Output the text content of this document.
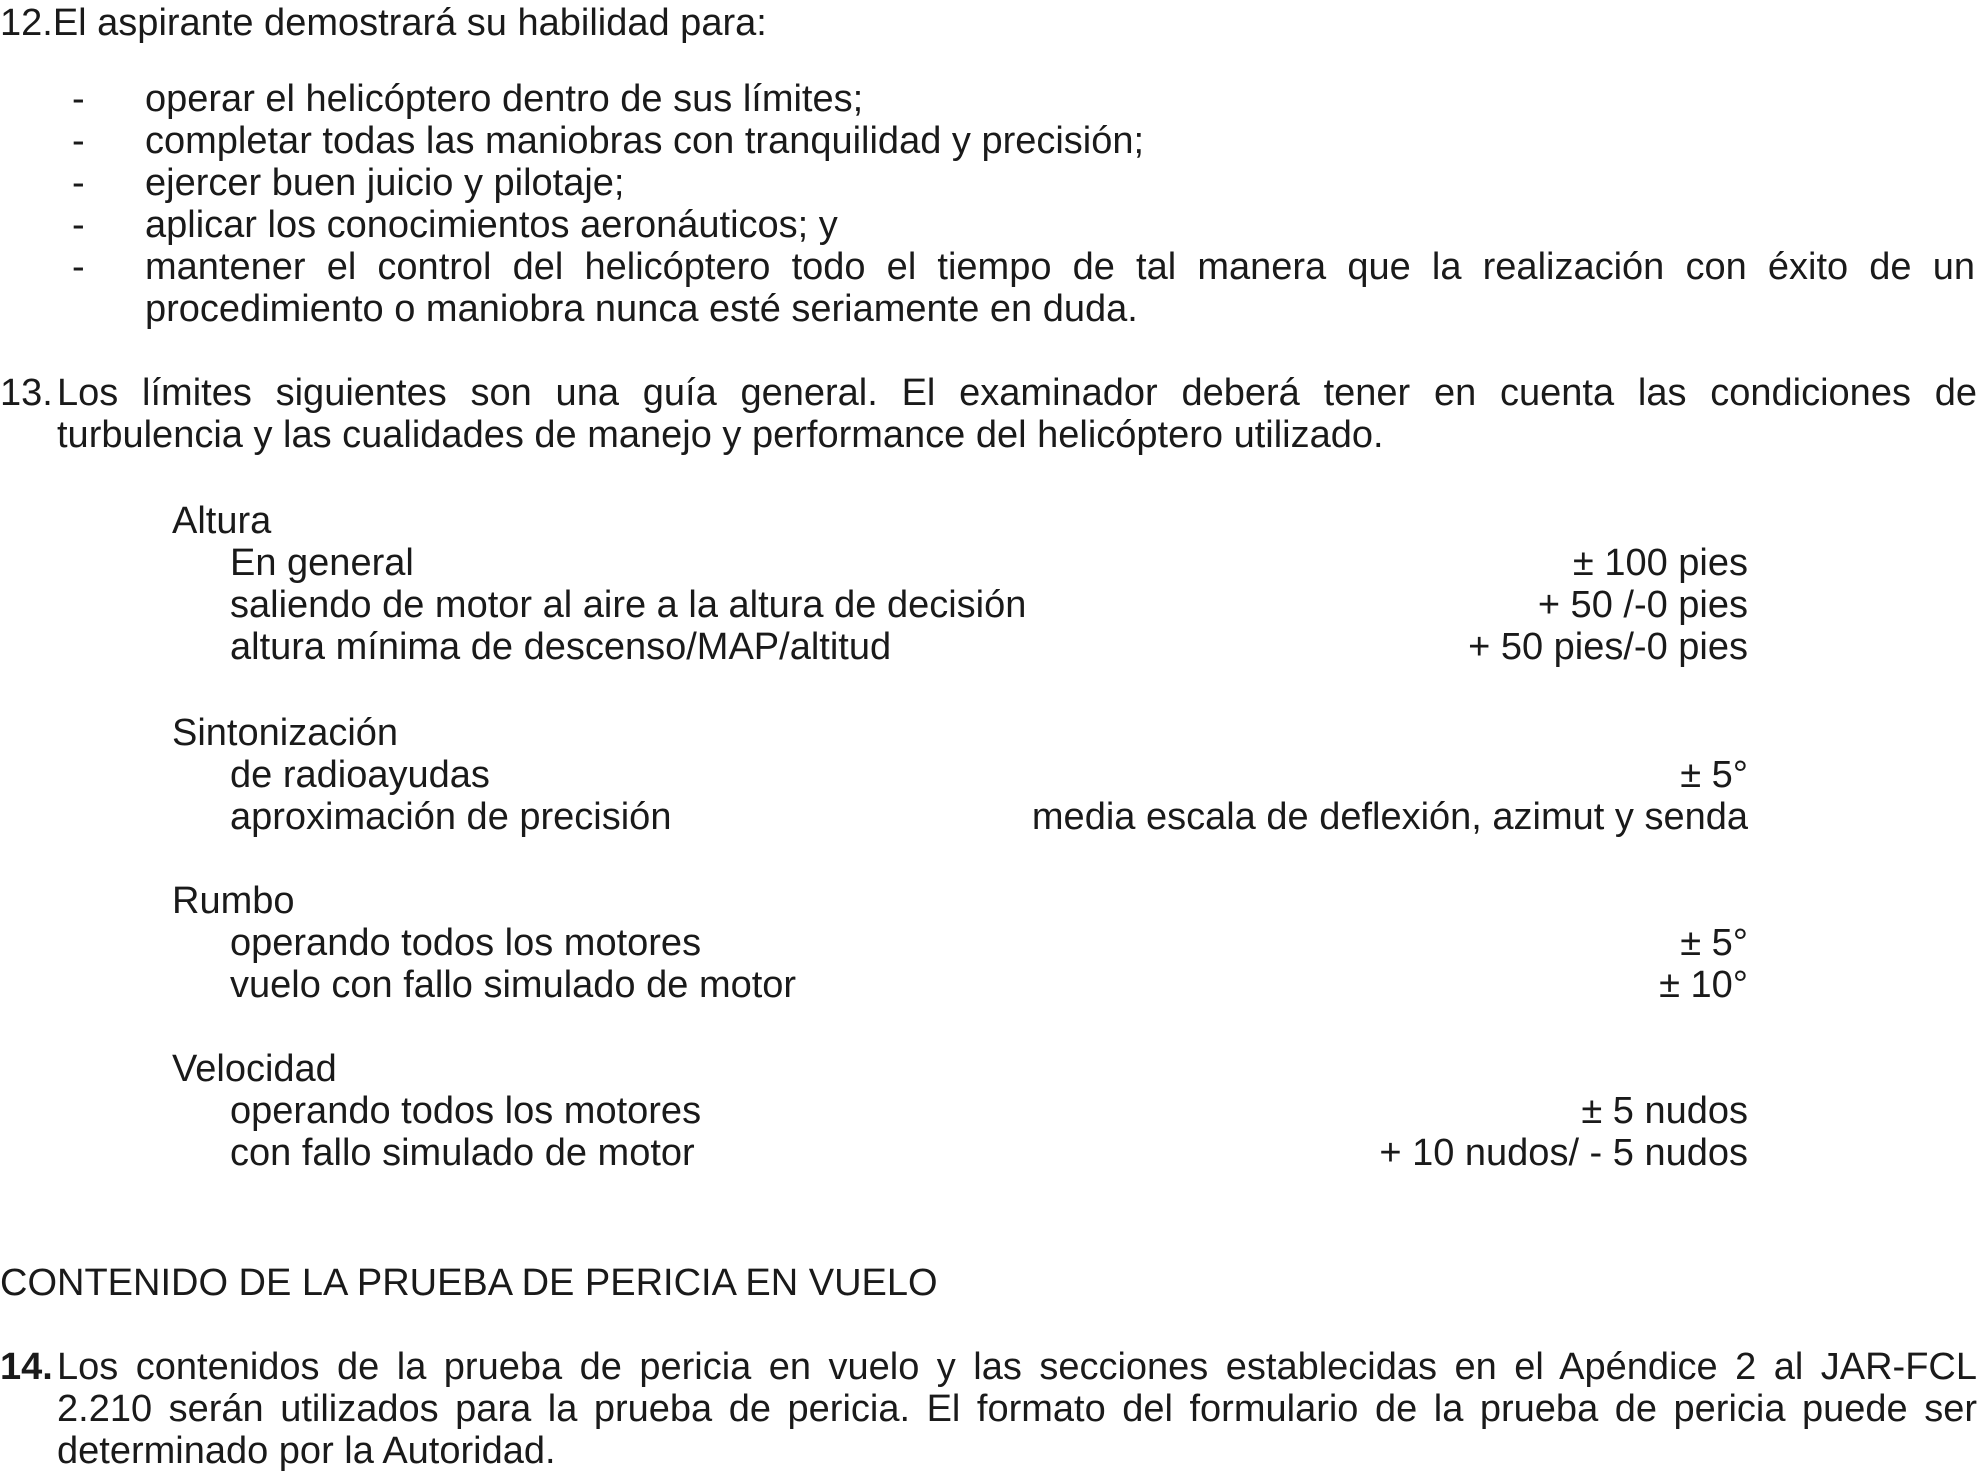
12.El aspirante demostrará su habilidad para:
- operar el helicóptero dentro de sus límites;
- completar todas las maniobras con tranquilidad y precisión;
- ejercer buen juicio y pilotaje;
- aplicar los conocimientos aeronáuticos; y
- mantener el control del helicóptero todo el tiempo de tal manera que la realización con éxito de un
procedimiento o maniobra nunca esté seriamente en duda.
13. Los límites siguientes son una guía general. El examinador deberá tener en cuenta las condiciones de
turbulencia y las cualidades de manejo y performance del helicóptero utilizado.
Altura
En general	± 100 pies
saliendo de motor al aire a la altura de decisión	+ 50 /-0 pies
altura mínima de descenso/MAP/altitud	+ 50 pies/-0 pies
Sintonización
de radioayudas	± 5°
aproximación de precisión	media escala de deflexión, azimut y senda
Rumbo
operando todos los motores	± 5°
vuelo con fallo simulado de motor	± 10°
Velocidad
operando todos los motores	± 5 nudos
con fallo simulado de motor	+ 10 nudos/ - 5 nudos
CONTENIDO DE LA PRUEBA DE PERICIA EN VUELO
14. Los contenidos de la prueba de pericia en vuelo y las secciones establecidas en el Apéndice 2 al JAR-FCL
2.210 serán utilizados para la prueba de pericia. El formato del formulario de la prueba de pericia puede ser
determinado por la Autoridad.
